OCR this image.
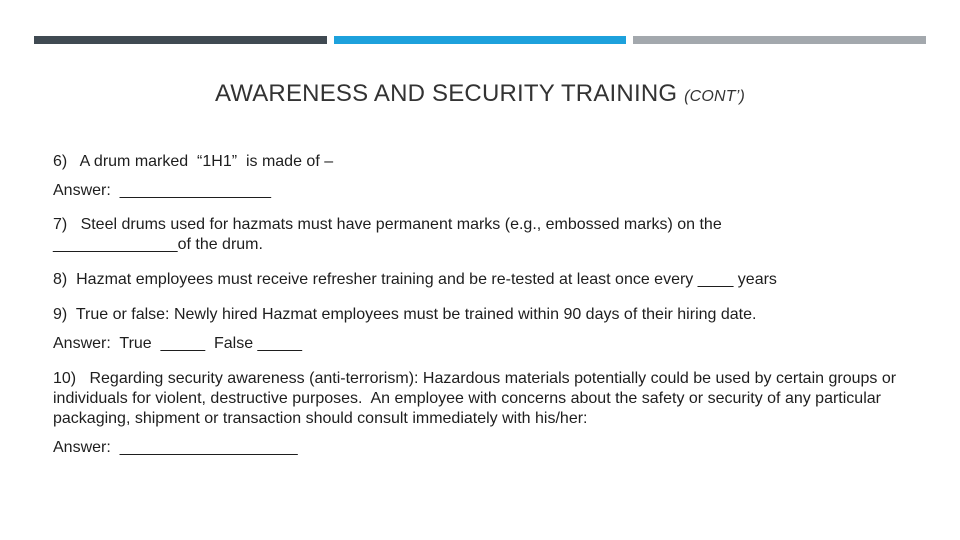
AWARENESS AND SECURITY TRAINING (CONT’)

6)   A drum marked  “1H1”  is made of –

Answer:  _________________

7)   Steel drums used for hazmats must have permanent marks (e.g., embossed marks) on the
______________of the drum.

8)  Hazmat employees must receive refresher training and be re-tested at least once every ____ years

9)  True or false: Newly hired Hazmat employees must be trained within 90 days of their hiring date.

Answer:  True  _____  False _____

10)   Regarding security awareness (anti-terrorism): Hazardous materials potentially could be used by certain groups or individuals for violent, destructive purposes.  An employee with concerns about the safety or security of any particular packaging, shipment or transaction should consult immediately with his/her:

Answer:  ____________________
